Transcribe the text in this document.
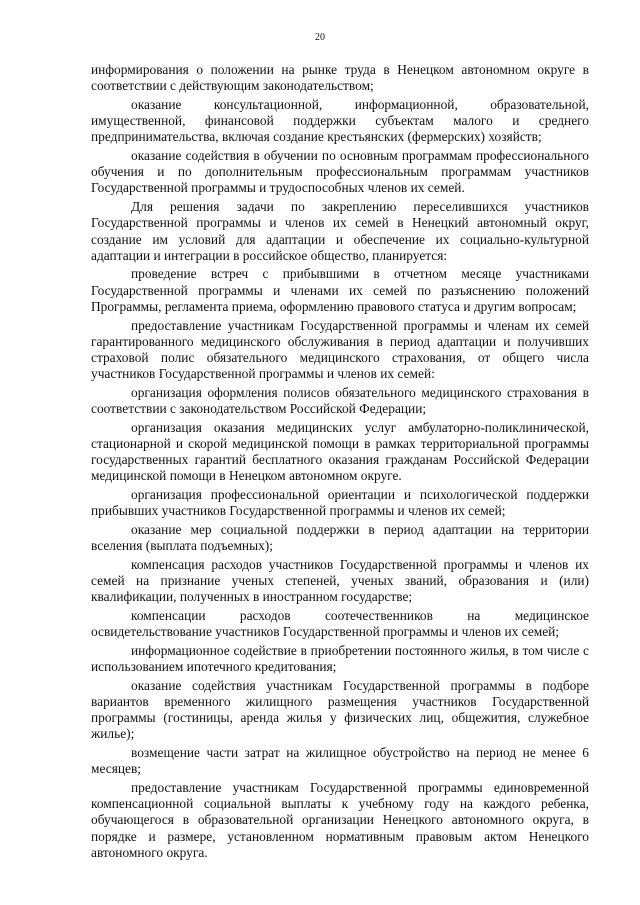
20

информирования о положении на рынке труда в Ненецком автономном округе в соответствии с действующим законодательством;

оказание консультационной, информационной, образовательной, имущественной, финансовой поддержки субъектам малого и среднего предпринимательства, включая создание крестьянских (фермерских) хозяйств;

оказание содействия в обучении по основным программам профессионального обучения и по дополнительным профессиональным программам участников Государственной программы и трудоспособных членов их семей.

Для решения задачи по закреплению переселившихся участников Государственной программы и членов их семей в Ненецкий автономный округ, создание им условий для адаптации и обеспечение их социально-культурной адаптации и интеграции в российское общество, планируется:

проведение встреч с прибывшими в отчетном месяце участниками Государственной программы и членами их семей по разъяснению положений Программы, регламента приема, оформлению правового статуса и другим вопросам;

предоставление участникам Государственной программы и членам их семей гарантированного медицинского обслуживания в период адаптации и получивших страховой полис обязательного медицинского страхования, от общего числа участников Государственной программы и членов их семей:

организация оформления полисов обязательного медицинского страхования в соответствии с законодательством Российской Федерации;

организация оказания медицинских услуг амбулаторно-поликлинической, стационарной и скорой медицинской помощи в рамках территориальной программы государственных гарантий бесплатного оказания гражданам Российской Федерации медицинской помощи в Ненецком автономном округе.

организация профессиональной ориентации и психологической поддержки прибывших участников Государственной программы и членов их семей;

оказание мер социальной поддержки в период адаптации на территории вселения (выплата подъемных);

компенсация расходов участников Государственной программы и членов их семей на признание ученых степеней, ученых званий, образования и (или) квалификации, полученных в иностранном государстве;

компенсации расходов соотечественников на медицинское освидетельствование участников Государственной программы и членов их семей;

информационное содействие в приобретении постоянного жилья, в том числе с использованием ипотечного кредитования;

оказание содействия участникам Государственной программы в подборе вариантов временного жилищного размещения участников Государственной программы (гостиницы, аренда жилья у физических лиц, общежития, служебное жилье);

возмещение части затрат на жилищное обустройство на период не менее 6 месяцев;

предоставление участникам Государственной программы единовременной компенсационной социальной выплаты к учебному году на каждого ребенка, обучающегося в образовательной организации Ненецкого автономного округа, в порядке и размере, установленном нормативным правовым актом Ненецкого автономного округа.
